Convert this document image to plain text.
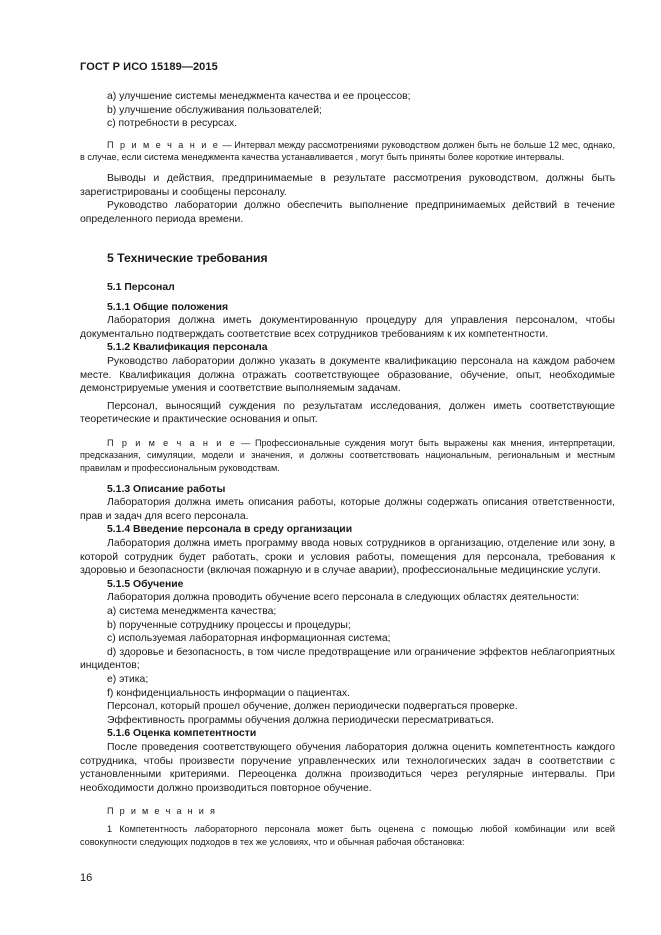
ГОСТ Р ИСО 15189—2015

a) улучшение системы менеджмента качества и ее процессов;

b) улучшение обслуживания пользователей;

c) потребности в ресурсах.

П р и м е ч а н и е — Интервал между рассмотрениями руководством должен быть не больше 12 мес, однако, в случае, если система менеджмента качества устанавливается , могут быть приняты более короткие интервалы.

Выводы и действия, предпринимаемые в результате рассмотрения руководством, должны быть зарегистрированы и сообщены персоналу.

Руководство лаборатории должно обеспечить выполнение предпринимаемых действий в течение определенного периода времени.

5 Технические требования

5.1 Персонал

5.1.1 Общие положения

Лаборатория должна иметь документированную процедуру для управления персоналом, чтобы документально подтверждать соответствие всех сотрудников требованиям к их компетентности.

5.1.2 Квалификация персонала

Руководство лаборатории должно указать в документе квалификацию персонала на каждом рабочем месте. Квалификация должна отражать соответствующее образование, обучение, опыт, необходимые демонстрируемые умения и соответствие выполняемым задачам.

Персонал, выносящий суждения по результатам исследования, должен иметь соответствующие теоретические и практические основания и опыт.

П р и м е ч а н и е — Профессиональные суждения могут быть выражены как мнения, интерпретации, предсказания, симуляции, модели и значения, и должны соответствовать национальным, региональным и местным правилам и профессиональным руководствам.

5.1.3 Описание работы

Лаборатория должна иметь описания работы, которые должны содержать описания ответственности, прав и задач для всего персонала.

5.1.4 Введение персонала в среду организации

Лаборатория должна иметь программу ввода новых сотрудников в организацию, отделение или зону, в которой сотрудник будет работать, сроки и условия работы, помещения для персонала, требования к здоровью и безопасности (включая пожарную и в случае аварии), профессиональные медицинские услуги.

5.1.5 Обучение

Лаборатория должна проводить обучение всего персонала в следующих областях деятельности:

a) система менеджмента качества;

b) порученные сотруднику процессы и процедуры;

c) используемая лабораторная информационная система;

d) здоровье и безопасность, в том числе предотвращение или ограничение эффектов неблагоприятных инцидентов;

e) этика;

f) конфиденциальность информации о пациентах.

Персонал, который прошел обучение, должен периодически подвергаться проверке.

Эффективность программы обучения должна периодически пересматриваться.

5.1.6 Оценка компетентности

После проведения соответствующего обучения лаборатория должна оценить компетентность каждого сотрудника, чтобы произвести поручение управленческих или технологических задач в соответствии с установленными критериями. Переоценка должна производиться через регулярные интервалы. При необходимости должно производиться повторное обучение.

П р и м е ч а н и я

1 Компетентность лабораторного персонала может быть оценена с помощью любой комбинации или всей совокупности следующих подходов в тех же условиях, что и обычная рабочая обстановка:

16
